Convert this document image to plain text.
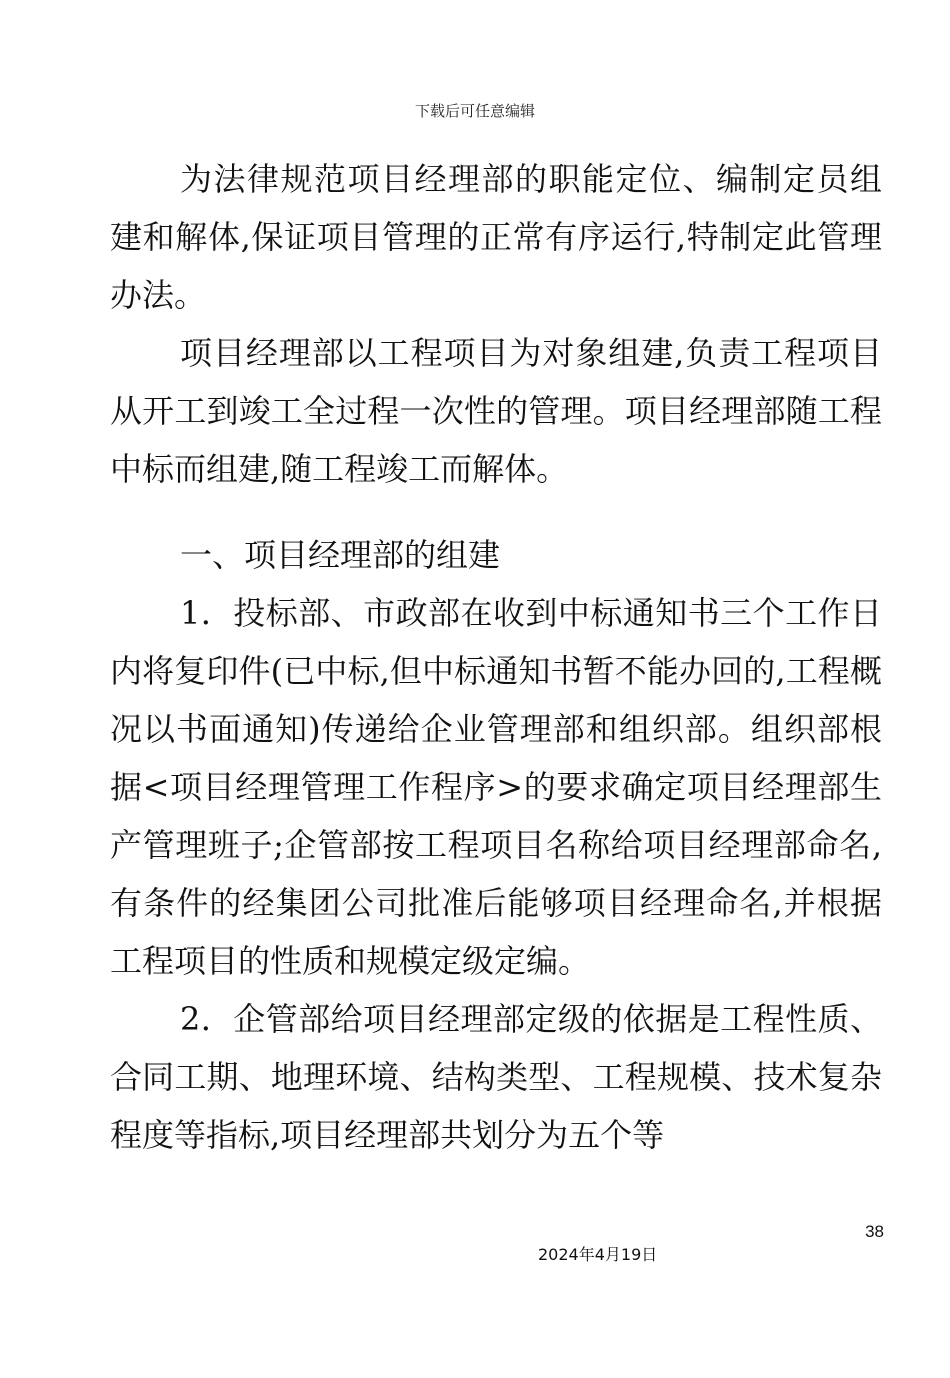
下载后可任意编辑

为法律规范项目经理部的职能定位、编制定员组建和解体,保证项目管理的正常有序运行,特制定此管理办法。

项目经理部以工程项目为对象组建,负责工程项目从开工到竣工全过程一次性的管理。项目经理部随工程中标而组建,随工程竣工而解体。

一、项目经理部的组建

1．投标部、市政部在收到中标通知书三个工作日内将复印件(已中标,但中标通知书暂不能办回的,工程概况以书面通知)传递给企业管理部和组织部。组织部根据<项目经理管理工作程序>的要求确定项目经理部生产管理班子;企管部按工程项目名称给项目经理部命名,有条件的经集团公司批准后能够项目经理命名,并根据工程项目的性质和规模定级定编。

2．企管部给项目经理部定级的依据是工程性质、合同工期、地理环境、结构类型、工程规模、技术复杂程度等指标,项目经理部共划分为五个等

38
2024年4月19日
